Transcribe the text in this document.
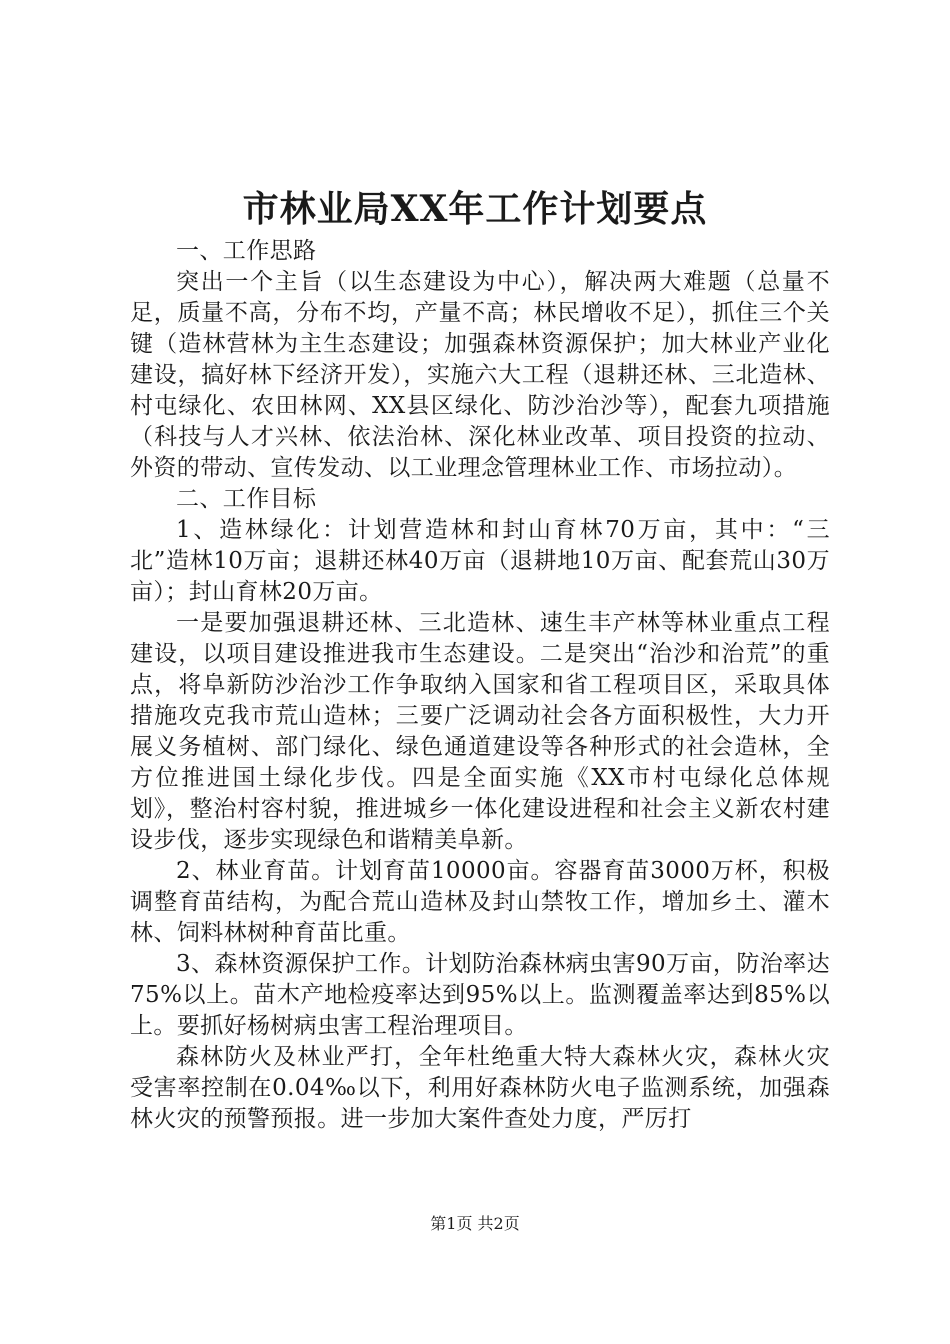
市林业局XX年工作计划要点

一、工作思路

突出一个主旨（以生态建设为中心），解决两大难题（总量不足，质量不高，分布不均，产量不高；林民增收不足），抓住三个关键（造林营林为主生态建设；加强森林资源保护；加大林业产业化建设，搞好林下经济开发），实施六大工程（退耕还林、三北造林、村屯绿化、农田林网、XX县区绿化、防沙治沙等），配套九项措施（科技与人才兴林、依法治林、深化林业改革、项目投资的拉动、外资的带动、宣传发动、以工业理念管理林业工作、市场拉动）。

二、工作目标

1、造林绿化：计划营造林和封山育林70万亩，其中：“三北”造林10万亩；退耕还林40万亩（退耕地10万亩、配套荒山30万亩）；封山育林20万亩。

一是要加强退耕还林、三北造林、速生丰产林等林业重点工程建设，以项目建设推进我市生态建设。二是突出“治沙和治荒”的重点，将阜新防沙治沙工作争取纳入国家和省工程项目区，采取具体措施攻克我市荒山造林；三要广泛调动社会各方面积极性，大力开展义务植树、部门绿化、绿色通道建设等各种形式的社会造林，全方位推进国土绿化步伐。四是全面实施《XX市村屯绿化总体规划》，整治村容村貌，推进城乡一体化建设进程和社会主义新农村建设步伐，逐步实现绿色和谐精美阜新。

2、林业育苗。计划育苗10000亩。容器育苗3000万杯，积极调整育苗结构，为配合荒山造林及封山禁牧工作，增加乡土、灌木林、饲料林树种育苗比重。

3、森林资源保护工作。计划防治森林病虫害90万亩，防治率达75%以上。苗木产地检疫率达到95%以上。监测覆盖率达到85%以上。要抓好杨树病虫害工程治理项目。

森林防火及林业严打，全年杜绝重大特大森林火灾，森林火灾受害率控制在0.04‰以下，利用好森林防火电子监测系统，加强森林火灾的预警预报。进一步加大案件查处力度，严厉打

第1页 共2页
